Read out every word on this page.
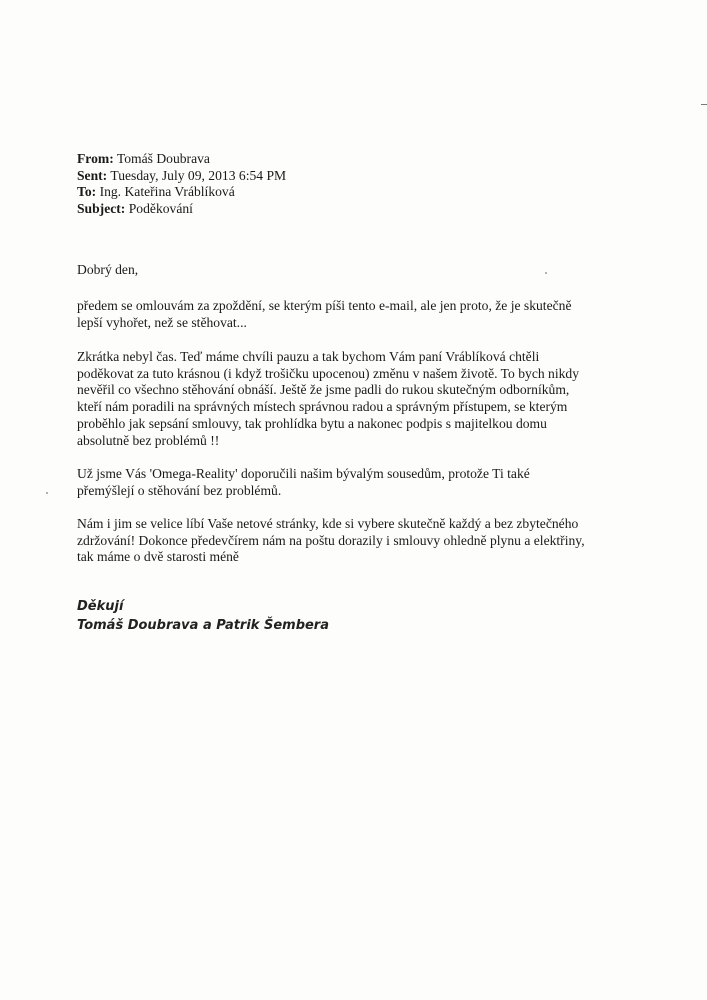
From: Tomáš Doubrava
Sent: Tuesday, July 09, 2013 6:54 PM
To: Ing. Kateřina Vráblíková
Subject: Poděkování
Dobrý den,
předem se omlouvám za zpoždění, se kterým píši tento e-mail, ale jen proto, že je skutečně
lepší vyhořet, než se stěhovat...
Zkrátka nebyl čas. Teď máme chvíli pauzu a tak bychom Vám paní Vráblíková chtěli
poděkovat za tuto krásnou (i když trošičku upocenou) změnu v našem životě. To bych nikdy
nevěřil co všechno stěhování obnáší. Ještě že jsme padli do rukou skutečným odborníkům,
kteří nám poradili na správných místech správnou radou a správným přístupem, se kterým
proběhlo jak sepsání smlouvy, tak prohlídka bytu a nakonec podpis s majitelkou domu
absolutně bez problémů !!
Už jsme Vás 'Omega-Reality' doporučili našim bývalým sousedům, protože Ti také
přemýšlejí o stěhování bez problémů.
Nám i jim se velice líbí Vaše netové stránky, kde si vybere skutečně každý a bez zbytečného
zdržování! Dokonce předevčírem nám na poštu dorazily i smlouvy ohledně plynu a elektřiny,
tak máme o dvě starosti méně
Děkují
Tomáš Doubrava a Patrik Šembera
